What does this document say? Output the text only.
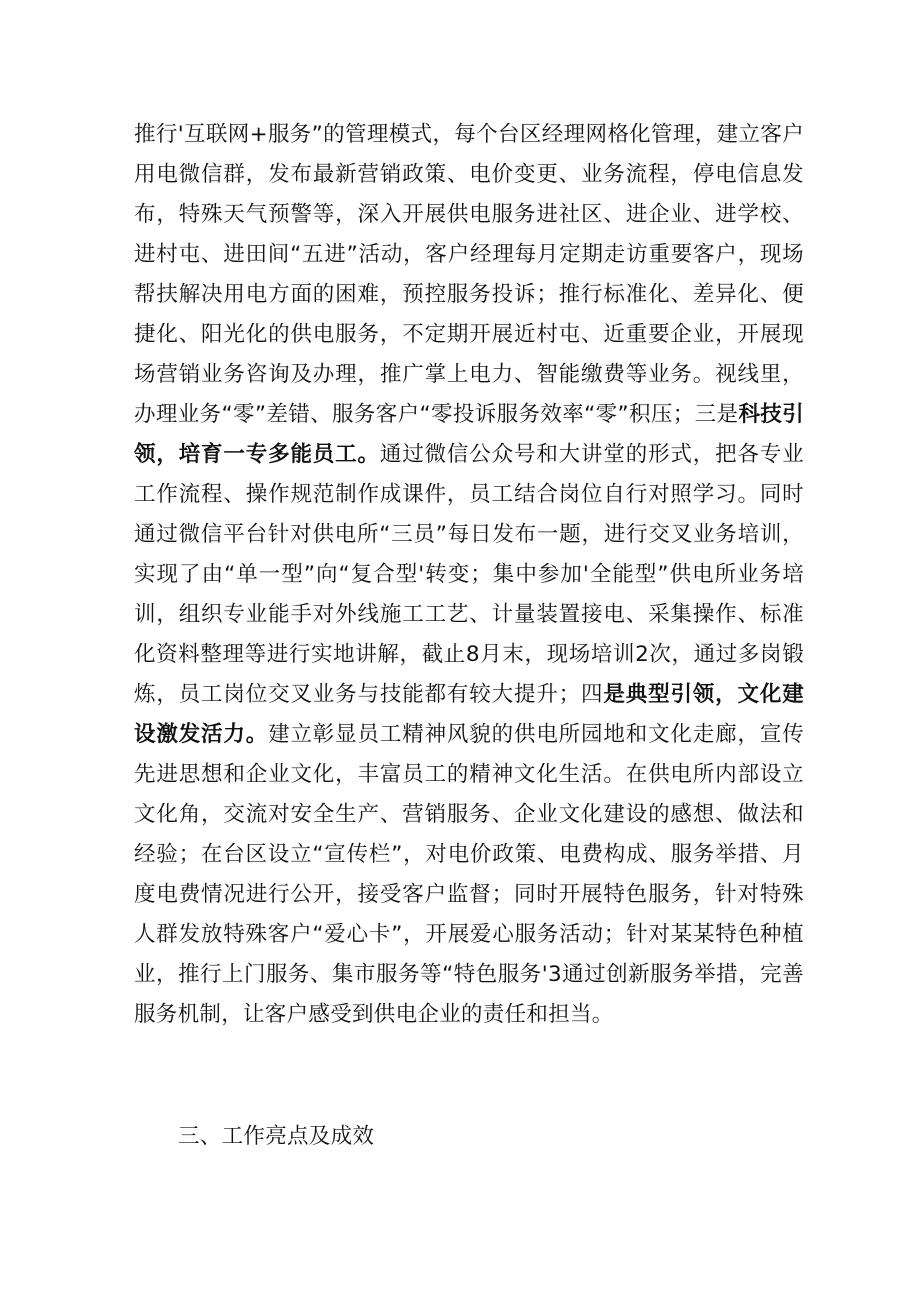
推行'互联网+服务”的管理模式，每个台区经理网格化管理，建立客户用电微信群，发布最新营销政策、电价变更、业务流程，停电信息发布，特殊天气预警等，深入开展供电服务进社区、进企业、进学校、进村屯、进田间“五进”活动，客户经理每月定期走访重要客户，现场帮扶解决用电方面的困难，预控服务投诉；推行标准化、差异化、便捷化、阳光化的供电服务，不定期开展近村屯、近重要企业，开展现场营销业务咨询及办理，推广掌上电力、智能缴费等业务。视线里，办理业务“零”差错、服务客户“零投诉服务效率“零”积压；三是科技引领，培育一专多能员工。通过微信公众号和大讲堂的形式，把各专业工作流程、操作规范制作成课件，员工结合岗位自行对照学习。同时通过微信平台针对供电所“三员”每日发布一题，进行交叉业务培训，实现了由“单一型”向“复合型'转变；集中参加'全能型”供电所业务培训，组织专业能手对外线施工工艺、计量装置接电、采集操作、标准化资料整理等进行实地讲解，截止8月末，现场培训2次，通过多岗锻炼，员工岗位交叉业务与技能都有较大提升；四是典型引领，文化建设激发活力。建立彰显员工精神风貌的供电所园地和文化走廊，宣传先进思想和企业文化，丰富员工的精神文化生活。在供电所内部设立文化角，交流对安全生产、营销服务、企业文化建设的感想、做法和经验；在台区设立“宣传栏”，对电价政策、电费构成、服务举措、月度电费情况进行公开，接受客户监督；同时开展特色服务，针对特殊人群发放特殊客户“爱心卡”，开展爱心服务活动；针对某某特色种植业，推行上门服务、集市服务等“特色服务'3通过创新服务举措，完善服务机制，让客户感受到供电企业的责任和担当。

三、工作亮点及成效
